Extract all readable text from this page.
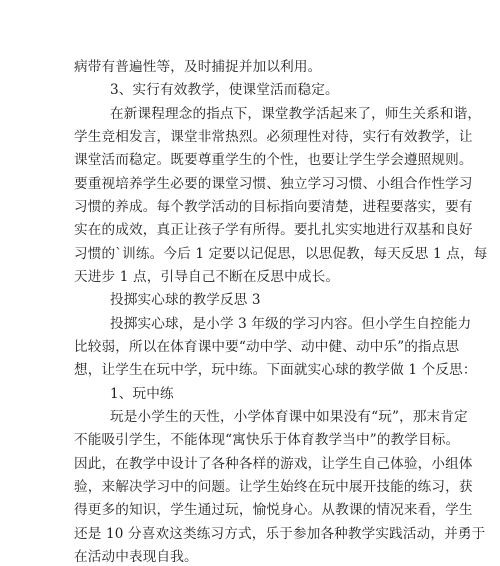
病带有普遍性等，及时捕捉并加以利用。
3、实行有效教学，使课堂活而稳定。
在新课程理念的指点下，课堂教学活起来了，师生关系和谐，
学生竞相发言，课堂非常热烈。必须理性对待，实行有效教学，让
课堂活而稳定。既要尊重学生的个性，也要让学生学会遵照规则。
要重视培养学生必要的课堂习惯、独立学习习惯、小组合作性学习
习惯的养成。每个教学活动的目标指向要清楚，进程要落实，要有
实在的成效，真正让孩子学有所得。要扎扎实实地进行双基和良好
习惯的`训练。今后 1 定要以记促思，以思促教，每天反思 1 点，每
天进步 1 点，引导自己不断在反思中成长。
投掷实心球的教学反思 3
投掷实心球，是小学 3 年级的学习内容。但小学生自控能力
比较弱，所以在体育课中要“动中学、动中健、动中乐”的指点思
想，让学生在玩中学，玩中练。下面就实心球的教学做 1 个反思：
1、玩中练
玩是小学生的天性，小学体育课中如果没有“玩”，那末肯定
不能吸引学生，不能体现“寓快乐于体育教学当中”的教学目标。
因此，在教学中设计了各种各样的游戏，让学生自己体验，小组体
验，来解决学习中的问题。让学生始终在玩中展开技能的练习，获
得更多的知识，学生通过玩，愉悦身心。从教课的情况来看，学生
还是 10 分喜欢这类练习方式，乐于参加各种教学实践活动，并勇于
在活动中表现自我。
